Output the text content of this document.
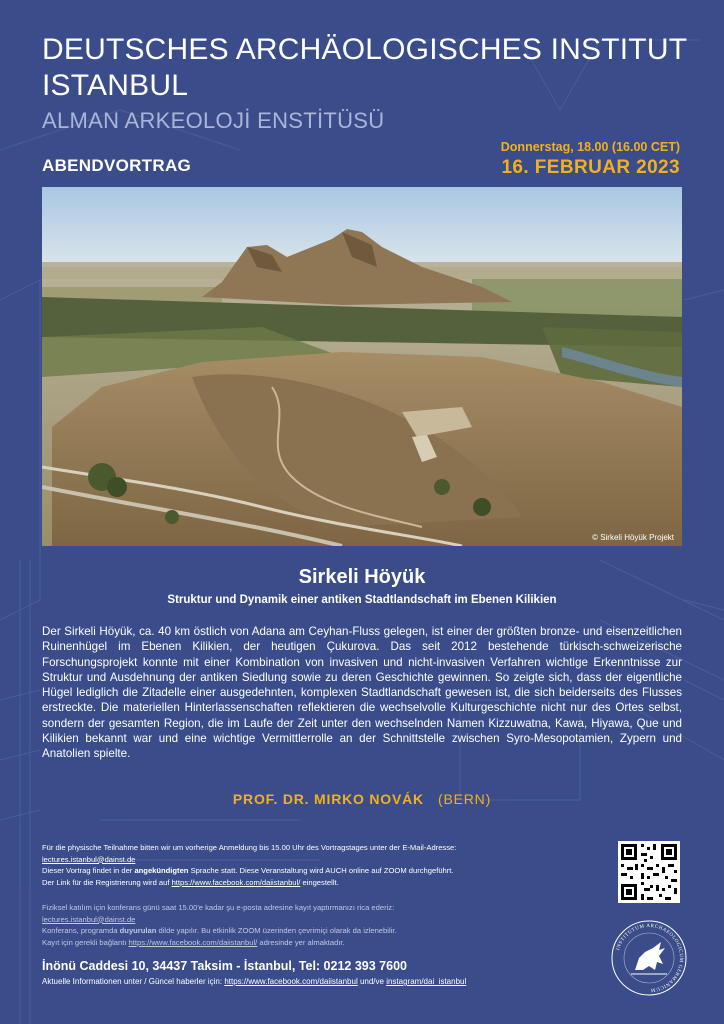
DEUTSCHES ARCHÄOLOGISCHES INSTITUT ISTANBUL
ALMAN ARKEOLOJİ ENSTİTÜSÜ
ABENDVORTRAG
Donnerstag, 18.00 (16.00 CET)
16. FEBRUAR 2023
© Sirkeli Höyük Projekt
Sirkeli Höyük
Struktur und Dynamik einer antiken Stadtlandschaft im Ebenen Kilikien
Der Sirkeli Höyük, ca. 40 km östlich von Adana am Ceyhan-Fluss gelegen, ist einer der größten bronze- und eisenzeitlichen Ruinenhügel im Ebenen Kilikien, der heutigen Çukurova. Das seit 2012 bestehende türkisch-schweizerische Forschungsprojekt konnte mit einer Kombination von invasiven und nicht-invasiven Verfahren wichtige Erkenntnisse zur Struktur und Ausdehnung der antiken Siedlung sowie zu deren Geschichte gewinnen. So zeigte sich, dass der eigentliche Hügel lediglich die Zitadelle einer ausgedehnten, komplexen Stadtlandschaft gewesen ist, die sich beiderseits des Flusses erstreckte. Die materiellen Hinterlassenschaften reflektieren die wechselvolle Kulturgeschichte nicht nur des Ortes selbst, sondern der gesamten Region, die im Laufe der Zeit unter den wechselnden Namen Kizzuwatna, Kawa, Hiyawa, Que und Kilikien bekannt war und eine wichtige Vermittlerrolle an der Schnittstelle zwischen Syro-Mesopotamien, Zypern und Anatolien spielte.
PROF. DR. MIRKO NOVÁK (BERN)
Für die physische Teilnahme bitten wir um vorherige Anmeldung bis 15.00 Uhr des Vortragstages unter der E-Mail-Adresse:
lectures.istanbul@dainst.de
Dieser Vortrag findet in der angekündigten Sprache statt. Diese Veranstaltung wird AUCH online auf ZOOM durchgeführt.
Der Link für die Registrierung wird auf https://www.facebook.com/daiistanbul/ eingestellt.
Fiziksel katılım için konferans günü saat 15.00'e kadar şu e-posta adresine kayıt yaptırmanızı rica ederiz:
lectures.istanbul@dainst.de
Konferans, programda duyurulan dilde yapılır. Bu etkinlik ZOOM üzerinden çevrimiçi olarak da izlenebilir.
Kayıt için gerekli bağlantı https://www.facebook.com/daiistanbul/ adresinde yer almaktadır.
İnönü Caddesi 10, 34437 Taksim - İstanbul, Tel: 0212 393 7600
Aktuelle Informationen unter / Güncel haberler için: https://www.facebook.com/daiistanbul und/ve instagram/dai_istanbul
INSTITUTUM ARCHAEOLOGICUM GERMANICUM
